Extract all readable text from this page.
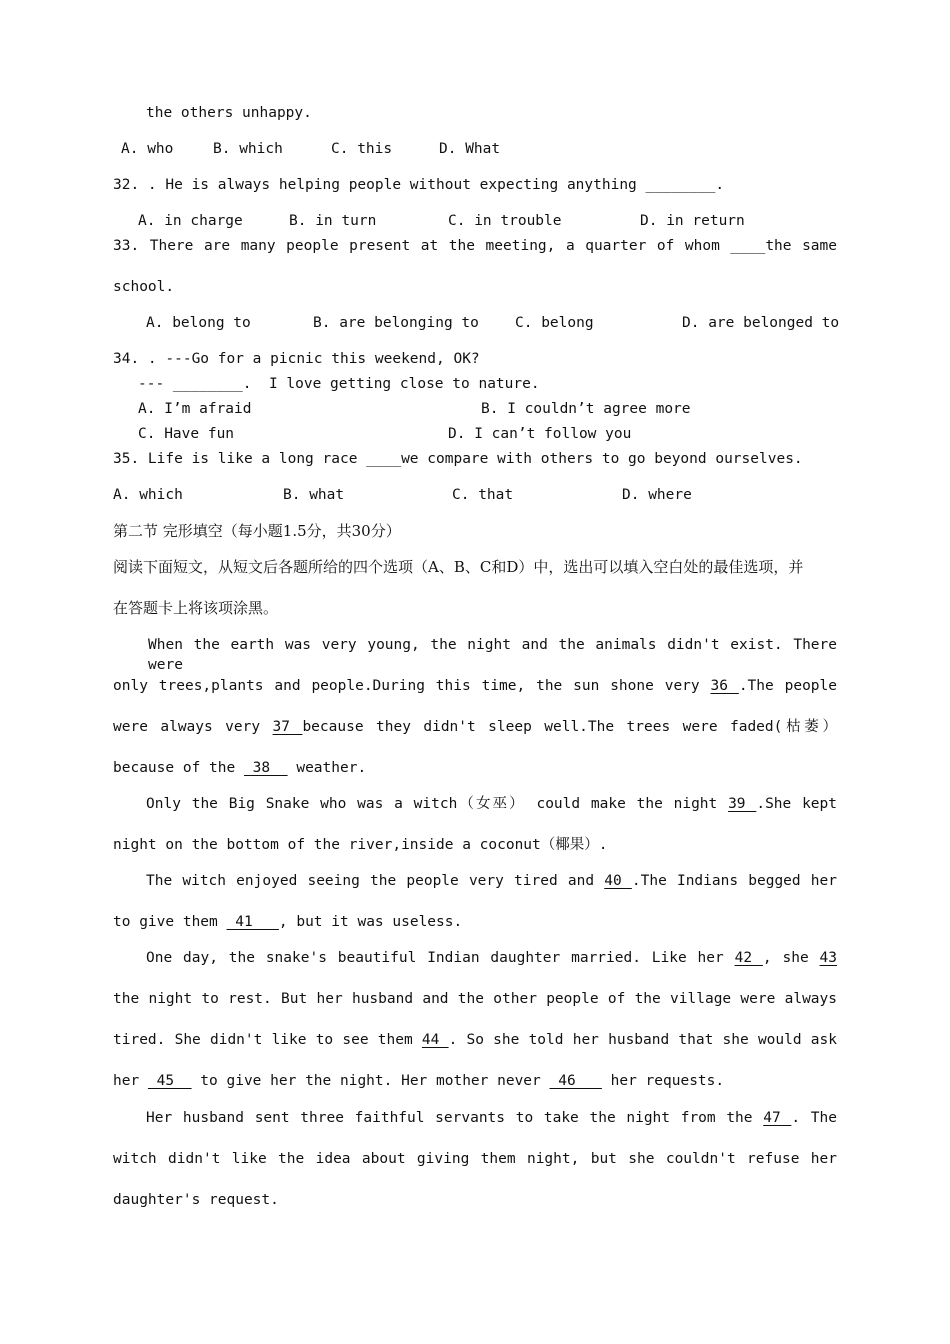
the others unhappy.
A. who	B. which	C. this	D. What
32. . He is always helping people without expecting anything ________.
A. in charge	B. in turn	C. in trouble	D. in return
33. There are many people present at the meeting, a quarter of whom ____the same
school.
A. belong to	B. are belonging to C. belong	D. are belonged to
34. . ---Go for a picnic this weekend, OK?
--- ________.  I love getting close to nature.
A. I’m afraid	B. I couldn’t agree more
C. Have fun	D. I can’t follow you
35. Life is like a long race ____we compare with others to go beyond ourselves.
A. which	B. what	C. that	D. where
第二节 完形填空（每小题1.5分，共30分）
阅读下面短文，从短文后各题所给的四个选项（A、B、C和D）中，选出可以填入空白处的最佳选项，并
在答题卡上将该项涂黑。
When the earth was very young, the night and the animals didn't exist. There were
only trees,plants and people.During this time, the sun shone very 36 .The people
were always very 37 because they didn't sleep well.The trees were faded(枯萎）
because of the  38   weather.
Only the Big Snake who was a witch（女巫） could make the night 39 .She kept
night on the bottom of the river,inside a coconut（椰果）.
The witch enjoyed seeing the people very tired and 40 .The Indians begged her
to give them  41   , but it was useless.
One day, the snake's beautiful Indian daughter married. Like her 42 , she 43
the night to rest. But her husband and the other people of the village were always
tired. She didn't like to see them 44 . So she told her husband that she would ask
her  45   to give her the night. Her mother never  46    her requests.
Her husband sent three faithful servants to take the night from the 47 . The
witch didn't like the idea about giving them night, but she couldn't refuse her
daughter's request.
